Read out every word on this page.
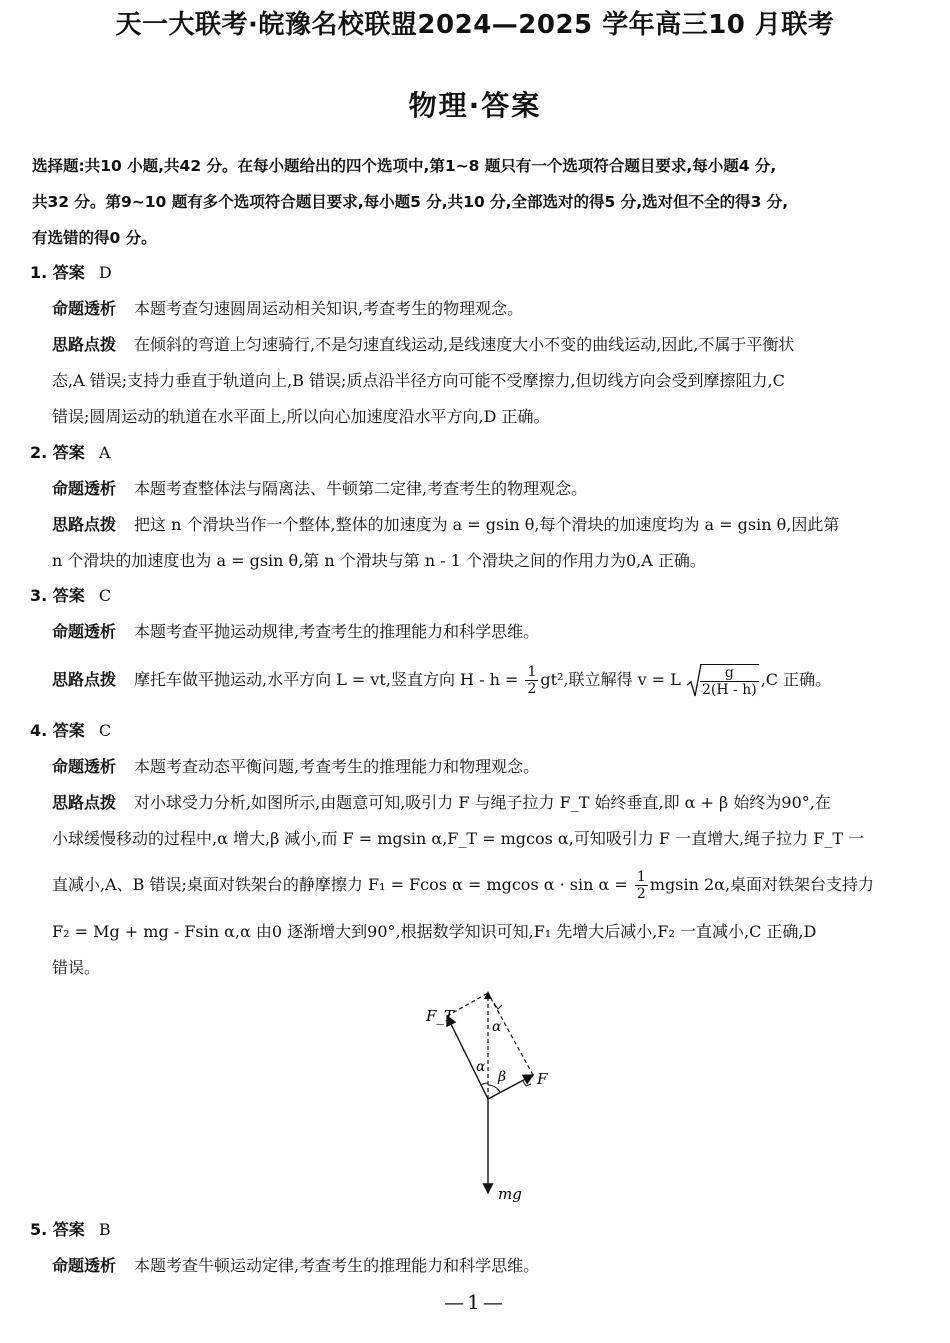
天一大联考·皖豫名校联盟2024—2025 学年高三10 月联考
物理·答案
选择题:共10 小题,共42 分。在每小题给出的四个选项中,第1~8 题只有一个选项符合题目要求,每小题4 分,
共32 分。第9~10 题有多个选项符合题目要求,每小题5 分,共10 分,全部选对的得5 分,选对但不全的得3 分,
有选错的得0 分。
1. 答案 D
命题透析 本题考查匀速圆周运动相关知识,考查考生的物理观念。
思路点拨 在倾斜的弯道上匀速骑行,不是匀速直线运动,是线速度大小不变的曲线运动,因此,不属于平衡状
态,A 错误;支持力垂直于轨道向上,B 错误;质点沿半径方向可能不受摩擦力,但切线方向会受到摩擦阻力,C
错误;圆周运动的轨道在水平面上,所以向心加速度沿水平方向,D 正确。
2. 答案 A
命题透析 本题考查整体法与隔离法、牛顿第二定律,考查考生的物理观念。
思路点拨 把这 n 个滑块当作一个整体,整体的加速度为 a = gsin θ,每个滑块的加速度均为 a = gsin θ,因此第
n 个滑块的加速度也为 a = gsin θ,第 n 个滑块与第 n - 1 个滑块之间的作用力为0,A 正确。
3. 答案 C
命题透析 本题考查平抛运动规律,考查考生的推理能力和科学思维。
思路点拨 摩托车做平抛运动,水平方向 L = vt,竖直方向 $H - h = \frac{1}{2} gt^2$,联立解得 v = L $\frac{g}{2(H - h)} ,C$ 正确。
4. 答案 C
命题透析 本题考查动态平衡问题,考查考生的推理能力和物理观念。
思路点拨 对小球受力分析,如图所示,由题意可知,吸引力 F 与绳子拉力 F_T 始终垂直,即 α + β 始终为90°,在
小球缓慢移动的过程中,α 增大,β 减小,而 F = mgsin α,F_T = mgcos α,可知吸引力 F 一直增大,绳子拉力 F_T 一
直减小,A、B 错误;桌面对铁架台的静摩擦力 F₁ = Fcos α = mgcos $\alpha \cdot \sin \alpha = \frac{1}{2}$ mgsin 2α,桌面对铁架台支持力
F₂ = Mg + mg - Fsin α,α 由0 逐渐增大到90°,根据数学知识可知,F₁ 先增大后减小,F₂ 一直减小,C 正确,D
错误。
F_T
F
mg
α
α
β
5. 答案 B
命题透析 本题考查牛顿运动定律,考查考生的推理能力和科学思维。
—1—
